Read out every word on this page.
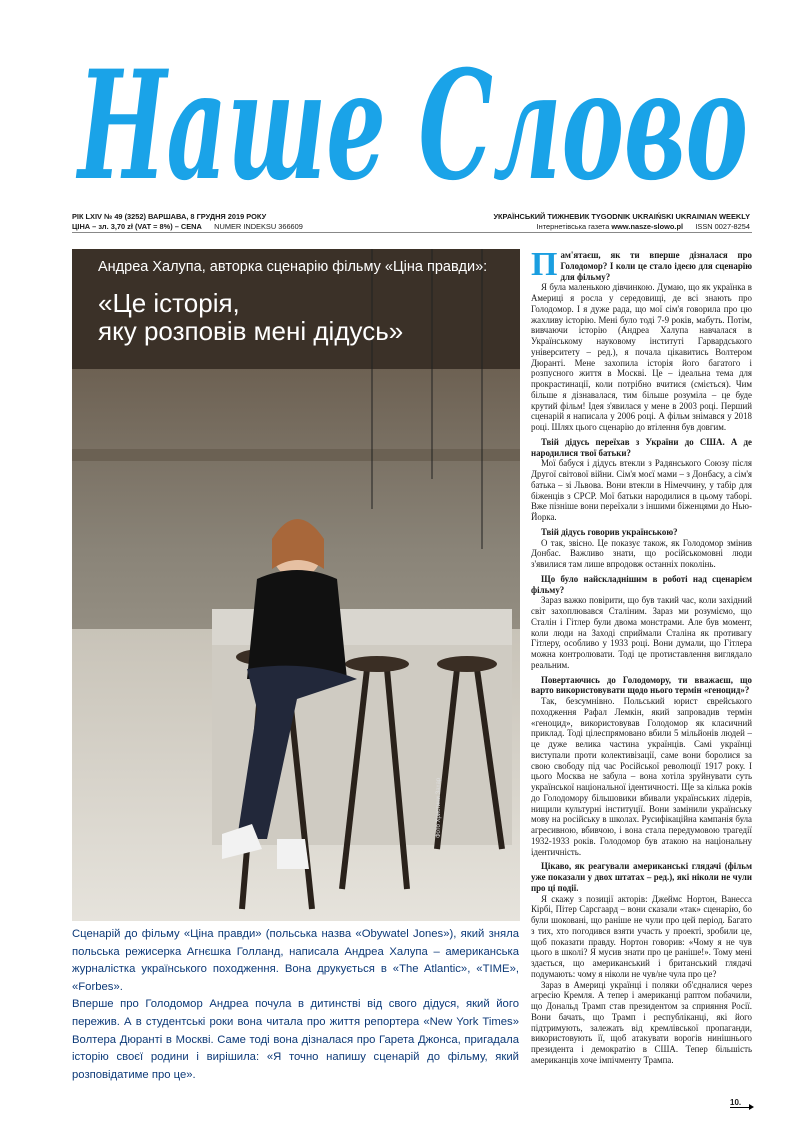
Наше Слово
РІК LXIV № 49 (3252) ВАРШАВА, 8 ГРУДНЯ 2019 РОКУ
ЦІНА – зл. 3,70 zł (VAT = 8%) – CENA NUMER INDEKSU 366609
УКРАЇНСЬКИЙ ТИЖНЕВИК TYGODNIK UKRAIŃSKI UKRAINIAN WEEKLY
Інтернетівська газета www.nasze-slowo.pl ISSN 0027-8254
Андреа Халупа, авторка сценарію фільму «Ціна правди»:
«Це історія,
яку розповів мені дідусь»
Фото Христини Захар

Сценарій до фільму «Ціна правди» (польська назва «Obywatel Jones»), який зняла польська режисерка Агнєшка Голланд, написала Андреа Халупа – американська журналістка українського походження. Вона друкується в «The Atlantic», «TIME», «Forbes».

Вперше про Голодомор Андреа почула в дитинстві від свого дідуся, який його пережив. А в студентські роки вона читала про життя репортера «New York Times» Волтера Дюранті в Москві. Саме тоді вона дізналася про Гарета Джонса, пригадала історію своєї родини і вирішила: «Я точно напишу сценарій до фільму, який розповідатиме про це».

Пам'ятаєш, як ти вперше дізналася про Голодомор? І коли це стало ідеєю для сценарію для фільму?

Я була маленькою дівчинкою. Думаю, що як українка в Америці я росла у середовищі, де всі знають про Голодомор. І я дуже рада, що мої сім'я говорила про цю жахливу історію. Мені було тоді 7-9 років, мабуть. Потім, вивчаючи історію (Андреа Халупа навчалася в Українському науковому інституті Гарвардського університету – ред.), я почала цікавитись Волтером Дюранті. Мене захопила історія його багатого і розпусного життя в Москві. Це – ідеальна тема для прокрастинації, коли потрібно вчитися (сміється). Чим більше я дізнавалася, тим більше розуміла – це буде крутий фільм! Ідея з'явилася у мене в 2003 році. Перший сценарій я написала у 2006 році. А фільм знімався у 2018 році. Шлях цього сценарію до втілення був довгим.

Твій дідусь переїхав з України до США. А де народилися твої батьки?

Мої бабуся і дідусь втекли з Радянського Союзу після Другої світової війни. Сім'я моєї мами – з Донбасу, а сім'я батька – зі Львова. Вони втекли в Німеччину, у табір для біженців з СРСР. Мої батьки народилися в цьому таборі. Вже пізніше вони переїхали з іншими біженцями до Нью-Йорка.

Твій дідусь говорив українською?

О так, звісно. Це показує також, як Голодомор змінив Донбас. Важливо знати, що російськомовні люди з'явилися там лише впродовж останніх поколінь.

Що було найскладнішим в роботі над сценарієм фільму?

Зараз важко повірити, що був такий час, коли західний світ захоплювався Сталіним. Зараз ми розуміємо, що Сталін і Гітлер були двома монстрами. Але був момент, коли люди на Заході сприймали Сталіна як противагу Гітлеру, особливо у 1933 році. Вони думали, що Гітлера можна контролювати. Тоді це протиставлення виглядало реальним.

Повертаючись до Голодомору, ти вважаєш, що варто використовувати щодо нього термін «геноцид»?

Так, безсумнівно. Польський юрист єврейського походження Рафал Лемкін, який запровадив термін «геноцид», використовував Голодомор як класичний приклад. Тоді цілеспрямовано вбили 5 мільйонів людей – це дуже велика частина українців. Самі українці виступали проти колективізації, саме вони боролися за свою свободу під час Російської революції 1917 року. І цього Москва не забула – вона хотіла зруйнувати суть української національної ідентичності. Ще за кілька років до Голодомору більшовики вбивали українських лідерів, нищили культурні інституції. Вони замінили українську мову на російську в школах. Русифікаційна кампанія була агресивною, вбивчою, і вона стала передумовою трагедії 1932-1933 років. Голодомор був атакою на національну ідентичність.

Цікаво, як реагували американські глядачі (фільм уже показали у двох штатах – ред.), які ніколи не чули про ці події.

Я скажу з позиції акторів: Джеймс Нортон, Ванесса Кірбі, Пітер Сарсгаард – вони сказали «так» сценарію, бо були шоковані, що раніше не чули про цей період. Багато з тих, хто погодився взяти участь у проекті, зробили це, щоб показати правду. Нортон говорив: «Чому я не чув цього в школі? Я мусив знати про це раніше!». Тому мені здається, що американський і британський глядачі подумають: чому я ніколи не чув/не чула про це?

Зараз в Америці українці і поляки об'єдналися через агресію Кремля. А тепер і американці раптом побачили, що Дональд Трамп став президентом за сприяння Росії. Вони бачать, що Трамп і республіканці, які його підтримують, залежать від кремлівської пропаганди, використовують її, щоб атакувати ворогів нинішнього президента і демократію в США. Тепер більшість американців хоче імпічменту Трампа.

10.
